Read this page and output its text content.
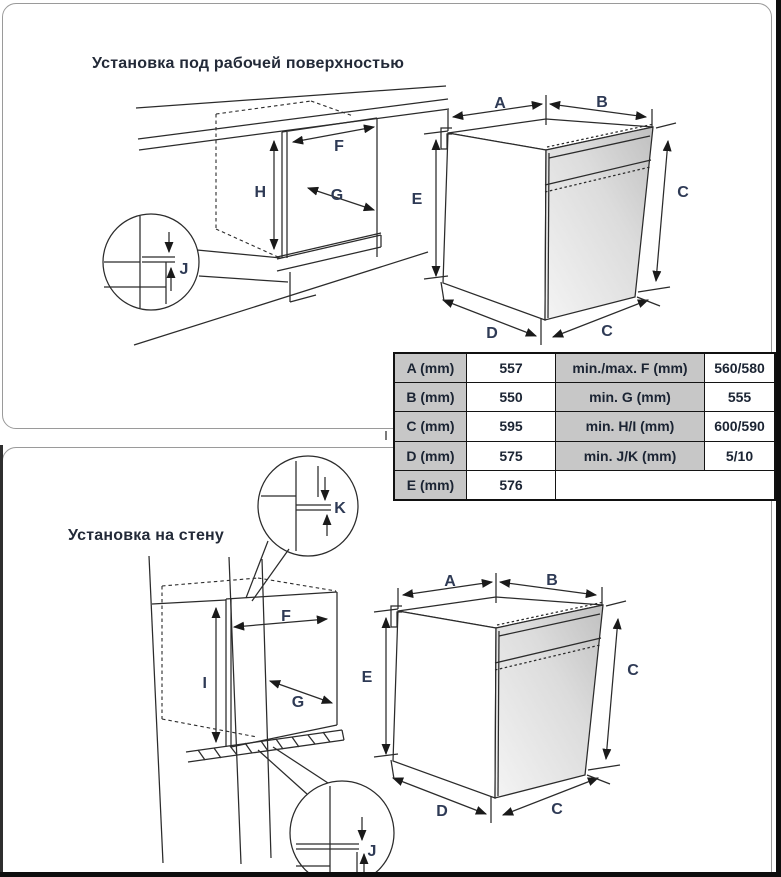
Установка под рабочей поверхностью
Установка на стену
H
F
G
J
I
F
G
K
J
A (mm)	557	min./max. F (mm)	560/580
B (mm)	550	min. G (mm)	555
C (mm)	595	min. H/I (mm)	600/590
D (mm)	575	min. J/K (mm)	5/10
E (mm)	576		
